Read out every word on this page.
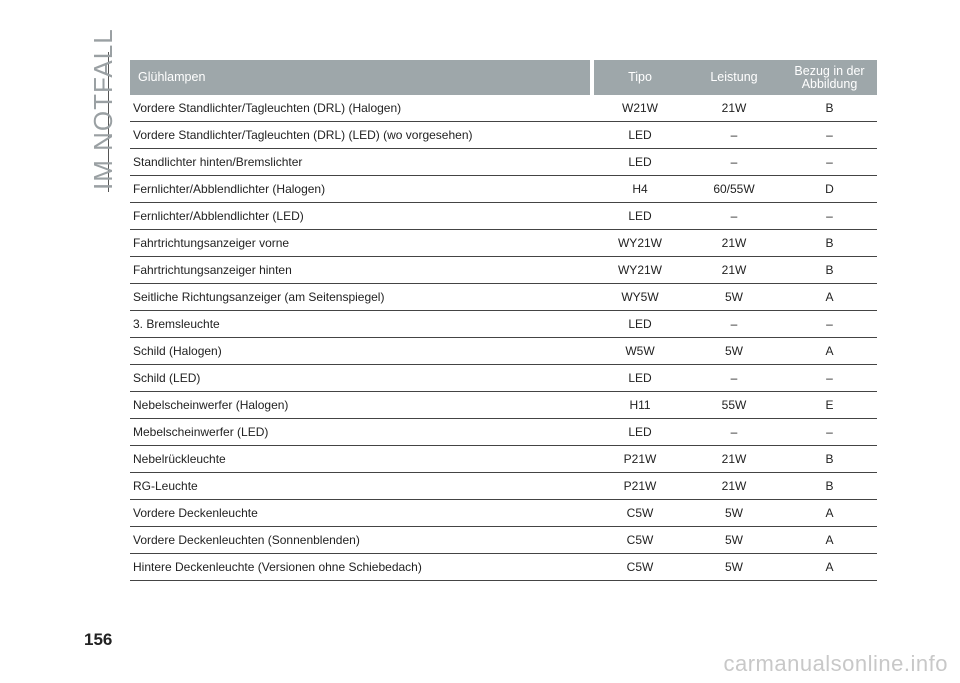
IM NOTFALL Glühlampen		Tipo	Leistung	Bezug in der Abbildung
Vordere Standlichter/Tagleuchten (DRL) (Halogen)		W21W	21W	B
Vordere Standlichter/Tagleuchten (DRL) (LED) (wo vorgesehen)		LED	–	–
Standlichter hinten/Bremslichter		LED	–	–
Fernlichter/Abblendlichter (Halogen)		H4	60/55W	D
Fernlichter/Abblendlichter (LED)		LED	–	–
Fahrtrichtungsanzeiger vorne		WY21W	21W	B
Fahrtrichtungsanzeiger hinten		WY21W	21W	B
Seitliche Richtungsanzeiger (am Seitenspiegel)		WY5W	5W	A
3. Bremsleuchte		LED	–	–
Schild (Halogen)		W5W	5W	A
Schild (LED)		LED	–	–
Nebelscheinwerfer (Halogen)		H11	55W	E
Mebelscheinwerfer (LED)		LED	–	–
Nebelrückleuchte		P21W	21W	B
RG-Leuchte		P21W	21W	B
Vordere Deckenleuchte		C5W	5W	A
Vordere Deckenleuchten (Sonnenblenden)		C5W	5W	A
Hintere Deckenleuchte (Versionen ohne Schiebedach)		C5W	5W	A
156
carmanualsonline.info
